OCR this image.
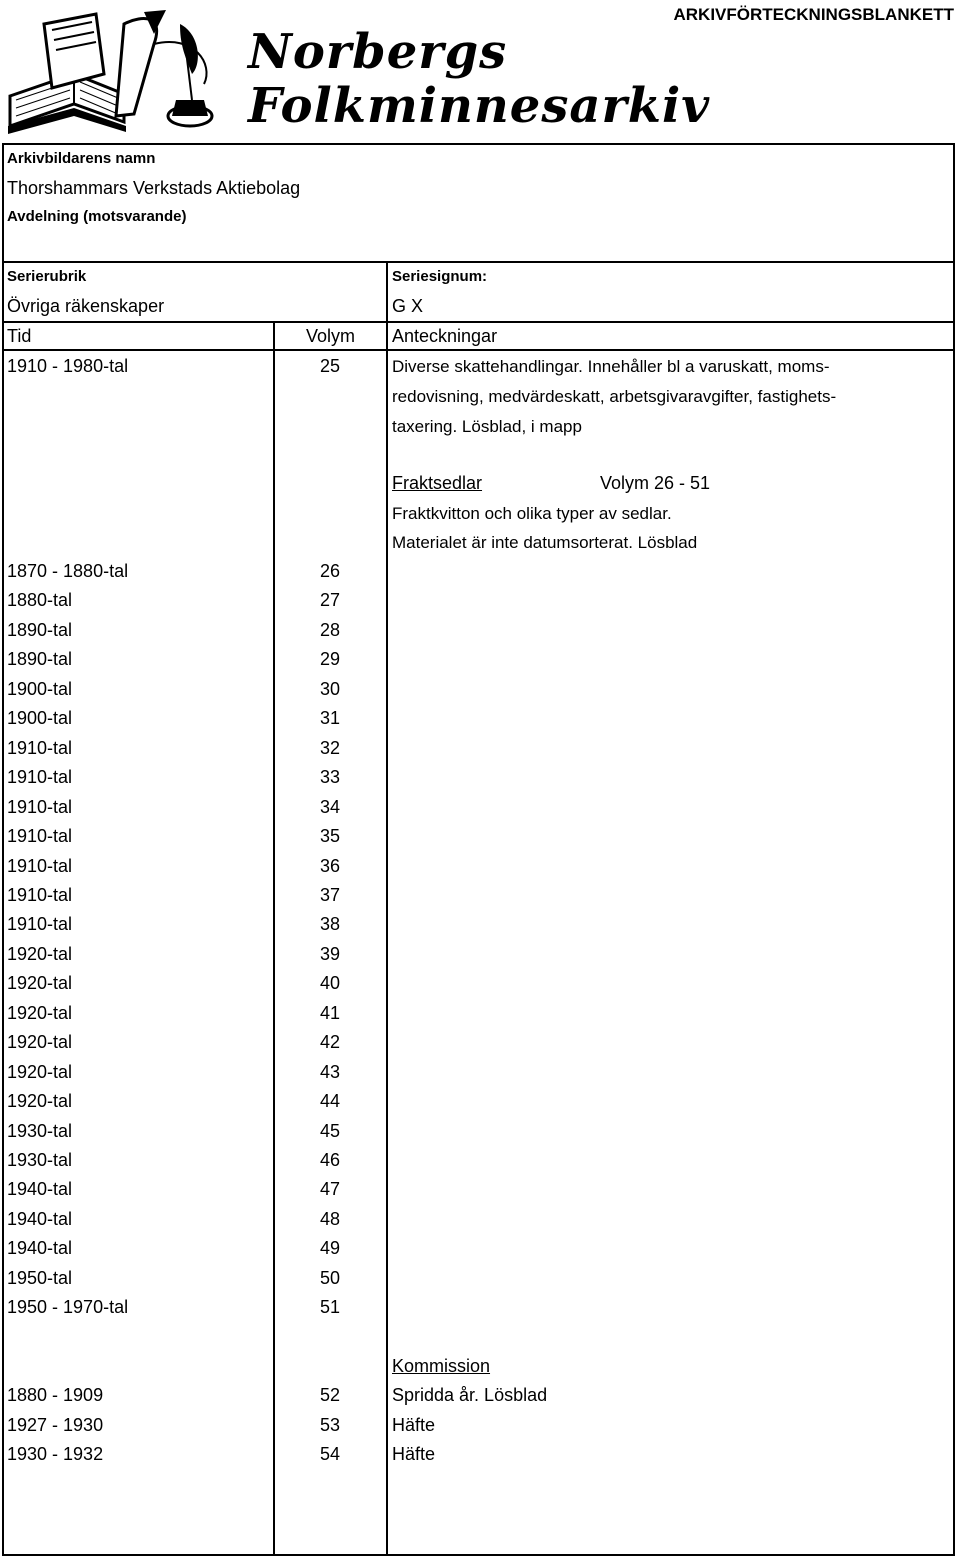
Norbergs
Folkminnesarkiv
ARKIVFÖRTECKNINGSBLANKETT
Arkivbildarens namn
Thorshammars Verkstads Aktiebolag
Avdelning (motsvarande)
Serierubrik
Övriga räkenskaper
Seriesignum:
G X
Tid	Volym Anteckningar
1910 - 1980-tal	25	Diverse skattehandlingar. Innehåller bl a varuskatt, moms-
redovisning, medvärdeskatt, arbetsgivaravgifter, fastighets-
taxering. Lösblad, i mapp
Fraktsedlar	Volym 26 - 51
Fraktkvitton och olika typer av sedlar.
Materialet är inte datumsorterat. Lösblad
1870 - 1880-tal	26
1880-tal	27
1890-tal	28
1890-tal	29
1900-tal	30
1900-tal	31
1910-tal	32
1910-tal	33
1910-tal	34
1910-tal	35
1910-tal	36
1910-tal	37
1910-tal	38
1920-tal	39
1920-tal	40
1920-tal	41
1920-tal	42
1920-tal	43
1920-tal	44
1930-tal	45
1930-tal	46
1940-tal	47
1940-tal	48
1940-tal	49
1950-tal	50
1950 - 1970-tal	51
Kommission
1880 - 1909	52	Spridda år. Lösblad
1927 - 1930	53	Häfte
1930 - 1932	54	Häfte
